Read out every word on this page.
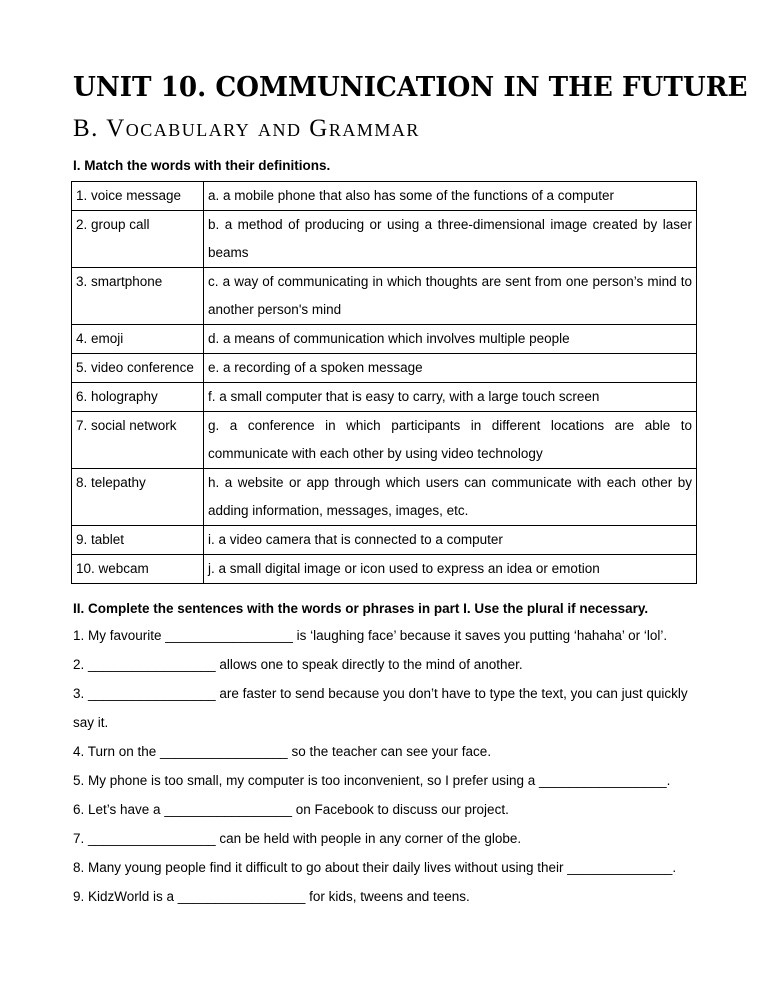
UNIT 10. COMMUNICATION IN THE FUTURE
B. Vocabulary and Grammar
I. Match the words with their definitions.
1. voice message	a. a mobile phone that also has some of the functions of a computer

2. group call	b. a method of producing or using a three-dimensional image created by laser beams

3. smartphone	c. a way of communicating in which thoughts are sent from one person’s mind to another person's mind

4. emoji	d. a means of communication which involves multiple people

5. video conference	e. a recording of a spoken message

6. holography	f. a small computer that is easy to carry, with a large touch screen

7. social network	g. a conference in which participants in different locations are able to communicate with each other by using video technology

8. telepathy	h. a website or app through which users can communicate with each other by adding information, messages, images, etc.

9. tablet	i. a video camera that is connected to a computer

10. webcam	j. a small digital image or icon used to express an idea or emotion
II. Complete the sentences with the words or phrases in part I. Use the plural if necessary.
1. My favourite _________________ is ‘laughing face’ because it saves you putting ‘hahaha’ or ‘lol’.
2. _________________ allows one to speak directly to the mind of another.
3. _________________ are faster to send because you don’t have to type the text, you can just quickly
say it.
4. Turn on the _________________ so the teacher can see your face.
5. My phone is too small, my computer is too inconvenient, so I prefer using a _________________.
6. Let’s have a _________________ on Facebook to discuss our project.
7. _________________ can be held with people in any corner of the globe.
8. Many young people find it difficult to go about their daily lives without using their ______________.
9. KidzWorld is a _________________ for kids, tweens and teens.
